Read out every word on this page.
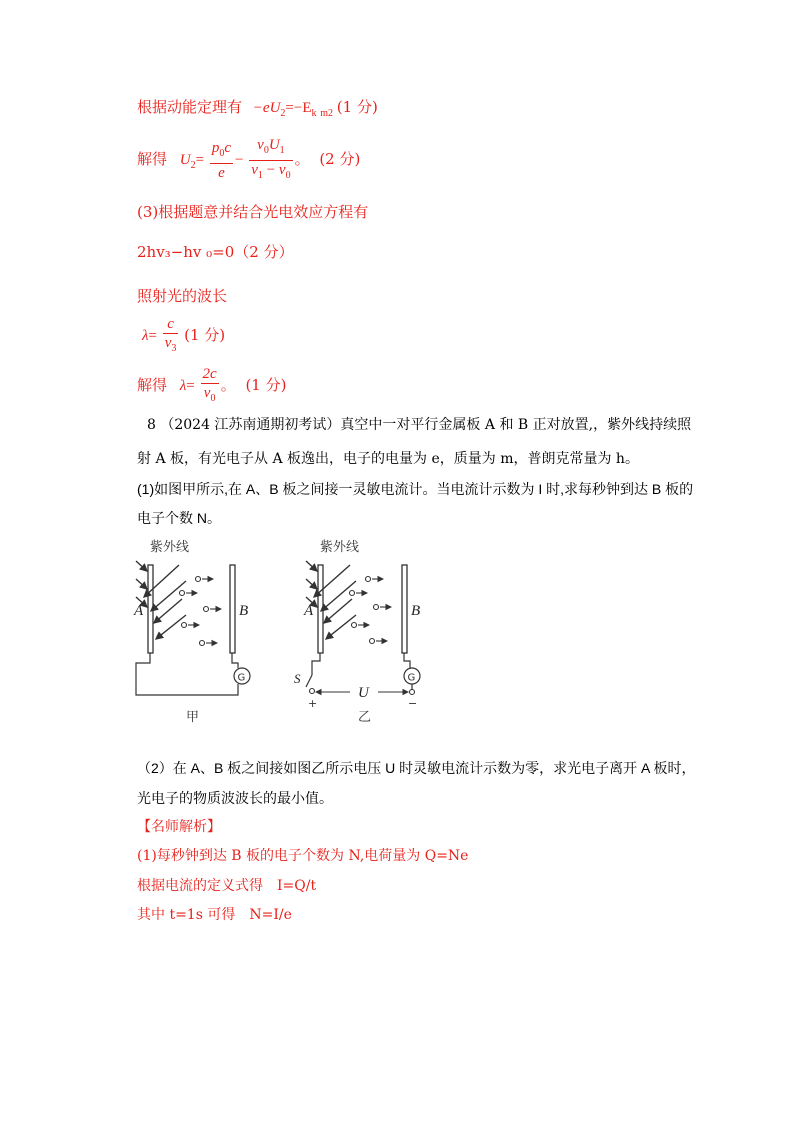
根据动能定理有 $-eU_2=-E_k$ $_{m2}$ (1 分)
解得 $U_2= \frac{p_0c}{e} - \frac{v_0U_1}{v_1 - v_0}$ 。 (2 分)
(3)根据题意并结合光电效应方程有
2hv₃−hv ₀=0（2 分）
照射光的波长
$\lambda= \frac{c}{v_3} (1$ 分)
解得 $\lambda= \frac{2c}{v_0}$ 。 (1 分)
8 （2024 江苏南通期初考试）真空中一对平行金属板 A 和 B 正对放置,，紫外线持续照
射 A 板，有光电子从 A 板逸出，电子的电量为 e，质量为 m，普朗克常量为 h。
(1)如图甲所示,在 A、B 板之间接一灵敏电流计。当电流计示数为 I 时,求每秒钟到达 B 板的
电子个数 N。
紫外线
A	B
G
甲
紫外线
A	B
S	G
U
+	−
乙
（2）在 A、B 板之间接如图乙所示电压 U 时灵敏电流计示数为零，求光电子离开 A 板时，
光电子的物质波波长的最小值。
【名师解析】
(1)每秒钟到达 B 板的电子个数为 N,电荷量为 Q=Ne
根据电流的定义式得　I=Q/t
其中 t=1s 可得　N=I/e
